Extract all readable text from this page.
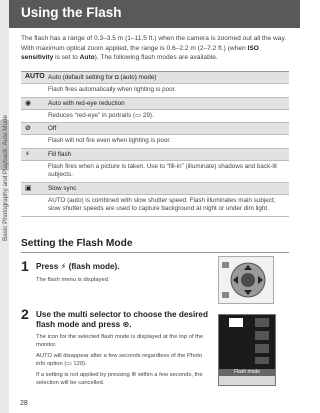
Basic Photography and Playback: Auto Mode
Using the Flash
The flash has a range of 0.3–3.5 m (1–11.5 ft.) when the camera is zoomed out all the way. With maximum optical zoom applied, the range is 0.6–2.2 m (2–7.2 ft.) (when ISO sensitivity is set to Auto). The following flash modes are available.
AUTO Auto (default setting for ◘ (auto) mode)
Flash fires automatically when lighting is poor.
◉	Auto with red-eye reduction
Reduces “red-eye” in portraits (▭ 29).
⊘	Off
Flash will not fire even when lighting is poor.
⚡	Fill flash
Flash fires when a picture is taken. Use to “fill-in” (illuminate) shadows and back-lit subjects.
▣	Slow sync
AUTO (auto) is combined with slow shutter speed. Flash illuminates main subject; slow shutter speeds are used to capture background at night or under dim light.
Setting the Flash Mode
1 Press ⚡ (flash mode).
The flash menu is displayed.
2 Use the multi selector to choose the desired flash mode and press ⊛.
The icon for the selected flash mode is displayed at the top of the monitor.
AUTO will disappear after a few seconds regardless of the Photo info option (▭ 120).
If a setting is not applied by pressing ⊛ within a few seconds, the selection will be cancelled.
Flash mode
28
